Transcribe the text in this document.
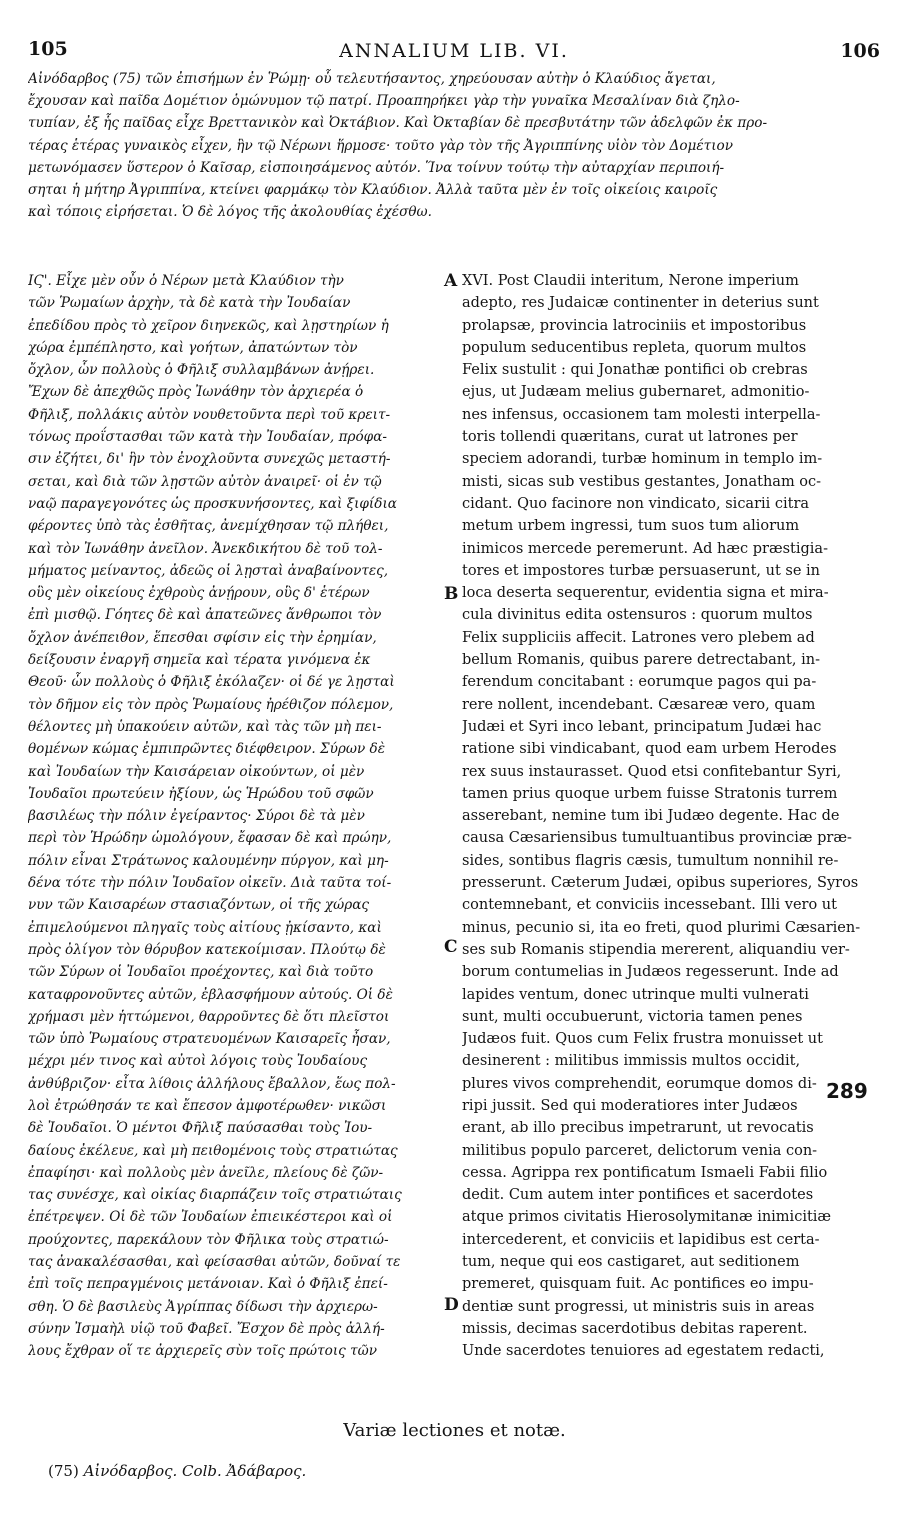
105	ANNALIUM LIB. VI.	106
Αἰνόδαρβος (75) τῶν ἐπισήμων ἐν Ῥώμῃ· οὗ τελευτήσαντος, χηρεύουσαν αὐτὴν ὁ Κλαύδιος ἄγεται,
ἔχουσαν καὶ παῖδα Δομέτιον ὁμώνυμον τῷ πατρί. Προαπηρήκει γὰρ τὴν γυναῖκα Μεσαλίναν διὰ ζηλο-
τυπίαν, ἐξ ἧς παῖδας εἶχε Βρεττανικὸν καὶ Ὀκτάβιον. Καὶ Ὀκταβίαν δὲ πρεσβυτάτην τῶν ἀδελφῶν ἐκ προ-
τέρας ἑτέρας γυναικὸς εἶχεν, ἣν τῷ Νέρωνι ἥρμοσε· τοῦτο γὰρ τὸν τῆς Ἀγριππίνης υἱὸν τὸν Δομέτιον
μετωνόμασεν ὕστερον ὁ Καῖσαρ, εἰσποιησάμενος αὐτόν. Ἵνα τοίνυν τούτῳ τὴν αὐταρχίαν περιποιή-
σηται ἡ μήτηρ Ἀγριππίνα, κτείνει φαρμάκῳ τὸν Κλαύδιον. Ἀλλὰ ταῦτα μὲν ἐν τοῖς οἰκείοις καιροῖς
καὶ τόποις εἰρήσεται. Ὁ δὲ λόγος τῆς ἀκολουθίας ἐχέσθω.
ΙϚ'. Εἶχε μὲν οὖν ὁ Νέρων μετὰ Κλαύδιον τὴν
τῶν Ῥωμαίων ἀρχὴν, τὰ δὲ κατὰ τὴν Ἰουδαίαν
ἐπεδίδου πρὸς τὸ χεῖρον διηνεκῶς, καὶ λῃστηρίων ἡ
χώρα ἐμπέπληστο, καὶ γοήτων, ἀπατώντων τὸν
ὄχλον, ὧν πολλοὺς ὁ Φῆλιξ συλλαμβάνων ἀνῄρει.
Ἔχων δὲ ἀπεχθῶς πρὸς Ἰωνάθην τὸν ἀρχιερέα ὁ
Φῆλιξ, πολλάκις αὐτὸν νουθετοῦντα περὶ τοῦ κρειτ-
τόνως προΐστασθαι τῶν κατὰ τὴν Ἰουδαίαν, πρόφα-
σιν ἐζήτει, δι' ἣν τὸν ἐνοχλοῦντα συνεχῶς μεταστή-
σεται, καὶ διὰ τῶν λῃστῶν αὐτὸν ἀναιρεῖ· οἱ ἐν τῷ
ναῷ παραγεγονότες ὡς προσκυνήσοντες, καὶ ξιφίδια
φέροντες ὑπὸ τὰς ἐσθῆτας, ἀνεμίχθησαν τῷ πλήθει,
καὶ τὸν Ἰωνάθην ἀνεῖλον. Ἀνεκδικήτου δὲ τοῦ τολ-
μήματος μείναντος, ἀδεῶς οἱ λῃσταὶ ἀναβαίνοντες,
οὓς μὲν οἰκείους ἐχθροὺς ἀνῄρουν, οὓς δ' ἑτέρων
ἐπὶ μισθῷ. Γόητες δὲ καὶ ἀπατεῶνες ἄνθρωποι τὸν
ὄχλον ἀνέπειθον, ἕπεσθαι σφίσιν εἰς τὴν ἐρημίαν,
δείξουσιν ἐναργῆ σημεῖα καὶ τέρατα γινόμενα ἐκ
Θεοῦ· ὧν πολλοὺς ὁ Φῆλιξ ἐκόλαζεν· οἱ δέ γε λῃσταὶ
τὸν δῆμον εἰς τὸν πρὸς Ῥωμαίους ἠρέθιζον πόλεμον,
θέλοντες μὴ ὑπακούειν αὐτῶν, καὶ τὰς τῶν μὴ πει-
θομένων κώμας ἐμπιπρῶντες διέφθειρον. Σύρων δὲ
καὶ Ἰουδαίων τὴν Καισάρειαν οἰκούντων, οἱ μὲν
Ἰουδαῖοι πρωτεύειν ἠξίουν, ὡς Ἡρώδου τοῦ σφῶν
βασιλέως τὴν πόλιν ἐγείραντος· Σύροι δὲ τὰ μὲν
περὶ τὸν Ἡρώδην ὡμολόγουν, ἔφασαν δὲ καὶ πρώην,
πόλιν εἶναι Στράτωνος καλουμένην πύργον, καὶ μη-
δένα τότε τὴν πόλιν Ἰουδαῖον οἰκεῖν. Διὰ ταῦτα τοί-
νυν τῶν Καισαρέων στασιαζόντων, οἱ τῆς χώρας
ἐπιμελούμενοι πληγαῖς τοὺς αἰτίους ᾐκίσαντο, καὶ
πρὸς ὀλίγον τὸν θόρυβον κατεκοίμισαν. Πλούτῳ δὲ
τῶν Σύρων οἱ Ἰουδαῖοι προέχοντες, καὶ διὰ τοῦτο
καταφρονοῦντες αὐτῶν, ἐβλασφήμουν αὐτούς. Οἱ δὲ
χρήμασι μὲν ἡττώμενοι, θαρροῦντες δὲ ὅτι πλεῖστοι
τῶν ὑπὸ Ῥωμαίους στρατευομένων Καισαρεῖς ἦσαν,
μέχρι μέν τινος καὶ αὐτοὶ λόγοις τοὺς Ἰουδαίους
ἀνθύβριζον· εἶτα λίθοις ἀλλήλους ἔβαλλον, ἕως πολ-
λοὶ ἐτρώθησάν τε καὶ ἔπεσον ἀμφοτέρωθεν· νικῶσι
δὲ Ἰουδαῖοι. Ὁ μέντοι Φῆλιξ παύσασθαι τοὺς Ἰου-
δαίους ἐκέλευε, καὶ μὴ πειθομένοις τοὺς στρατιώτας
ἐπαφίησι· καὶ πολλοὺς μὲν ἀνεῖλε, πλείους δὲ ζῶν-
τας συνέσχε, καὶ οἰκίας διαρπάζειν τοῖς στρατιώταις
ἐπέτρεψεν. Οἱ δὲ τῶν Ἰουδαίων ἐπιεικέστεροι καὶ οἱ
προύχοντες, παρεκάλουν τὸν Φῆλικα τοὺς στρατιώ-
τας ἀνακαλέσασθαι, καὶ φείσασθαι αὐτῶν, δοῦναί τε
ἐπὶ τοῖς πεπραγμένοις μετάνοιαν. Καὶ ὁ Φῆλιξ ἐπεί-
σθη. Ὁ δὲ βασιλεὺς Ἀγρίππας δίδωσι τὴν ἀρχιερω-
σύνην Ἰσμαὴλ υἱῷ τοῦ Φαβεῖ. Ἔσχον δὲ πρὸς ἀλλή-
λους ἔχθραν οἵ τε ἀρχιερεῖς σὺν τοῖς πρώτοις τῶν
XVI. Post Claudii interitum, Nerone imperium
adepto, res Judaicæ continenter in deterius sunt
prolapsæ, provincia latrociniis et impostoribus
populum seducentibus repleta, quorum multos
Felix sustulit : qui Jonathæ pontifici ob crebras
ejus, ut Judæam melius gubernaret, admonitio-
nes infensus, occasionem tam molesti interpella-
toris tollendi quæritans, curat ut latrones per
speciem adorandi, turbæ hominum in templo im-
misti, sicas sub vestibus gestantes, Jonatham oc-
cidant. Quo facinore non vindicato, sicarii citra
metum urbem ingressi, tum suos tum aliorum
inimicos mercede peremerunt. Ad hæc præstigia-
tores et impostores turbæ persuaserunt, ut se in
loca deserta sequerentur, evidentia signa et mira-
cula divinitus edita ostensuros : quorum multos
Felix suppliciis affecit. Latrones vero plebem ad
bellum Romanis, quibus parere detrectabant, in-
ferendum concitabant : eorumque pagos qui pa-
rere nollent, incendebant. Cæsareæ vero, quam
Judæi et Syri inco lebant, principatum Judæi hac
ratione sibi vindicabant, quod eam urbem Herodes
rex suus instaurasset. Quod etsi confitebantur Syri,
tamen prius quoque urbem fuisse Stratonis turrem
asserebant, nemine tum ibi Judæo degente. Hac de
causa Cæsariensibus tumultuantibus provinciæ præ-
sides, sontibus flagris cæsis, tumultum nonnihil re-
presserunt. Cæterum Judæi, opibus superiores, Syros
contemnebant, et conviciis incessebant. Illi vero ut
minus, pecunio si, ita eo freti, quod plurimi Cæsarien-
ses sub Romanis stipendia mererent, aliquandiu ver-
borum contumelias in Judæos regesserunt. Inde ad
lapides ventum, donec utrinque multi vulnerati
sunt, multi occubuerunt, victoria tamen penes
Judæos fuit. Quos cum Felix frustra monuisset ut
desinerent : militibus immissis multos occidit,
plures vivos comprehendit, eorumque domos di-
ripi jussit. Sed qui moderatiores inter Judæos
erant, ab illo precibus impetrarunt, ut revocatis
militibus populo parceret, delictorum venia con-
cessa. Agrippa rex pontificatum Ismaeli Fabii filio
dedit. Cum autem inter pontifices et sacerdotes
atque primos civitatis Hierosolymitanæ inimicitiæ
intercederent, et conviciis et lapidibus est certa-
tum, neque qui eos castigaret, aut seditionem
premeret, quisquam fuit. Ac pontifices eo impu-
dentiæ sunt progressi, ut ministris suis in areas
missis, decimas sacerdotibus debitas raperent.
Unde sacerdotes tenuiores ad egestatem redacti,
A
B
C
D
289
Variæ lectiones et notæ.
(75) Αἰνόδαρβος. Colb. Ἀδάβαρος.
